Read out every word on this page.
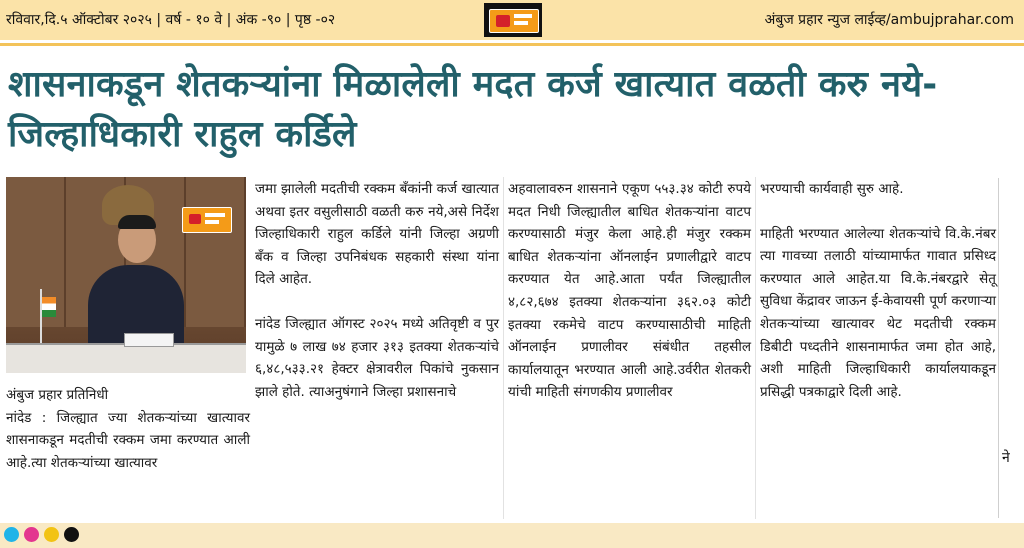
रविवार,दि.५ ऑक्टोबर २०२५ | वर्ष - १० वे | अंक -९० | पृष्ठ -०२	अंबुज प्रहार न्युज लाईव्ह/ambujprahar.com
शासनाकडून शेतकऱ्यांना मिळालेली मदत कर्ज खात्यात वळती करु नये-जिल्हाधिकारी राहुल कर्डिले
अंबुज प्रहार प्रतिनिधी
नांदेड : जिल्ह्यात ज्या शेतकऱ्यांच्या खात्यावर शासनाकडून मदतीची रक्कम जमा करण्यात आली आहे.त्या शेतकऱ्यांच्या खात्यावर

जमा झालेली मदतीची रक्कम बँकांनी कर्ज खात्यात अथवा इतर वसुलीसाठी वळती करु नये,असे निर्देश जिल्हाधिकारी राहुल कर्डिले यांनी जिल्हा अग्रणी बँक व जिल्हा उपनिबंधक सहकारी संस्था यांना दिले आहेत.

नांदेड जिल्ह्यात ऑगस्ट २०२५ मध्ये अतिवृष्टी व पुर यामुळे ७ लाख ७४ हजार ३१३ इतक्या शेतकऱ्यांचे ६,४८,५३३.२१ हेक्टर क्षेत्रावरील पिकांचे नुकसान झाले होते. त्याअनुषंगाने जिल्हा प्रशासनाचे

अहवालावरुन शासनाने एकूण ५५३.३४ कोटी रुपये मदत निधी जिल्ह्यातील बाधित शेतकऱ्यांना वाटप करण्यासाठी मंजुर केला आहे.ही मंजुर रक्कम बाधित शेतकऱ्यांना ऑनलाईन प्रणालीद्वारे वाटप करण्यात येत आहे.आता पर्यंत जिल्ह्यातील ४,८२,६७४ इतक्या शेतकऱ्यांना ३६२.०३ कोटी इतक्या रकमेचे वाटप करण्यासाठीची माहिती ऑनलाईन प्रणालीवर संबंधीत तहसील कार्यालयातून भरण्यात आली आहे.उर्वरीत शेतकरी यांची माहिती संगणकीय प्रणालीवर

भरण्याची कार्यवाही सुरु आहे.

माहिती भरण्यात आलेल्या शेतकऱ्यांचे वि.के.नंबर त्या गावच्या तलाठी यांच्यामार्फत गावात प्रसिध्द करण्यात आले आहेत.या वि.के.नंबरद्वारे सेतू सुविधा केंद्रावर जाऊन ई-केवायसी पूर्ण करणाऱ्या शेतकऱ्यांच्या खात्यावर थेट मदतीची रक्कम डिबीटी पध्दतीने शासनामार्फत जमा होत आहे, अशी माहिती जिल्हाधिकारी कार्यालयाकडून प्रसिद्धी पत्रकाद्वारे दिली आहे.

ने
